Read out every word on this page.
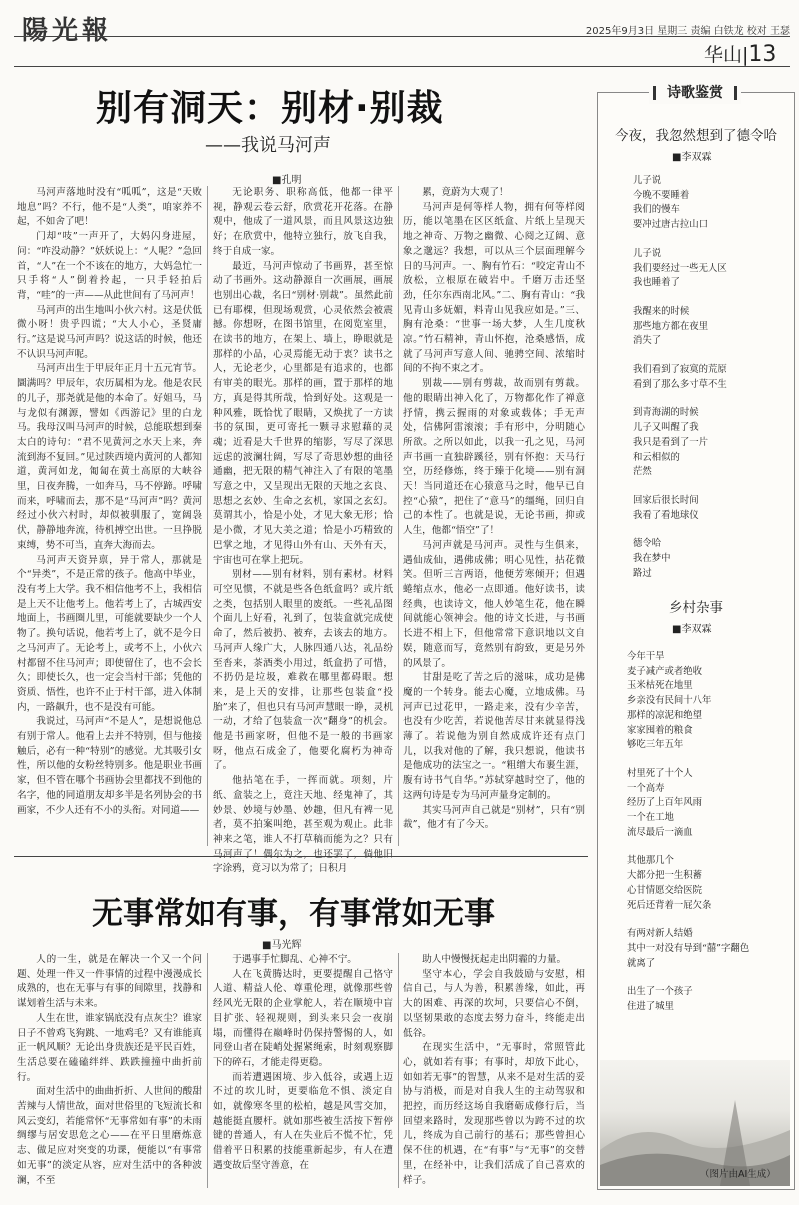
陽光報	2025年9月3日 星期三 责编 白铁龙 校对 王瑟
华山|13
别有洞天：别材·别裁
——我说马河声
■孔明

马河声落地时没有“呱呱”，这是“天败地息”吗？不行，他不是“人类”，咱家养不起，不如舍了吧！

门却“吱”一声开了，大妈闪身进屋，问：“咋没动静？”妖妖说上：“人呢？”急回首，“人”在一个不该在的地方，大妈急忙一只手将“人”倒着拎起，一只手轻拍后背，“哇”的一声——从此世间有了马河声！

马河声的出生地叫小伙六村。这是伏低微小呀！贵乎四谎；“大人小心，圣贤庸行。”这是说马河声吗？说这话的时候，他还不认识马河声呢。

马河声出生于甲辰年正月十五元宵节。圜满吗？甲辰年，农历属相为龙。他是农民的儿子，那尧就是他的本命了。好姐马，马与龙似有渊源，譬如《西游记》里的白龙马。我母汉叫马河声的时候，总能联想到秦太白的诗句：“君不见黄河之水天上来，奔流到海不复回。”见过陕西境内黄河的人都知道，黄河如龙，匍匐在黄土高原的大峡谷里，日夜奔腾，一如奔马，马不停蹄。呼啸而来，呼啸而去，那不是“马河声”吗？黄河经过小伙六村时，却似被驯服了，宽阔袅伏，静静地奔流，待机搏空出世。一旦挣脱束缚，势不可当，直奔大海而去。

马河声天资异禀，异于常人，那就是个“异类”，不是正常的孩子。他高中毕业，没有考上大学。我不相信他考不上，我相信是上天不让他考上。他若考上了，古城西安地面上，书画圈儿里，可能就要缺少一个人物了。换句话说，他若考上了，就不是今日之马河声了。无论考上，或考不上，小伙六村都留不住马河声；即使留住了，也不会长久；即使长久，也一定会当村干部；凭他的资质、悟性，也许不止于村干部，进入体制内，一路飙升，也不是没有可能。

我说过，马河声“不是人”，是想说他总有别于常人。他看上去并不特别，但与他接触后，必有一种“特别”的感觉。尤其吸引女性，所以他的女粉丝特别多。他是职业书画家，但不管在哪个书画协会里都找不到他的名字，他的同道朋友却多半是名列协会的书画家，不少人还有不小的头衔。对同道——

无论职务、职称高低，他都一律平视，静观云卷云舒，欣赏花开花落。在静观中，他成了一道风景，而且风景这边独好；在欣赏中，他特立独行，放飞自我，终于自成一家。

最近，马河声惊动了书画界，甚至惊动了书画外。这动静源自一次画展，画展也别出心裁，名曰“别材·别裁”。虽然此前已有耶棵，但现场观赏，心灵依然会被震撼。你想呀，在图书馆里，在阅览室里，在读书的地方，在架上、墙上，睁眼就是那样的小品，心灵焉能无动于衷？读书之人，无论老少，心里都是有追求的，也都有审美的眼光。那样的画，置于那样的地方，真是得其所哉，恰到好处。这观是一种风雅，既恰忧了眼睛，又焕扰了一方读书的氛围，更可寄托一颗寻求慰藉的灵魂；近看是大千世界的缩影，写尽了深思远虑的波澜壮阔，写尽了奇思妙想的曲径通幽，把无限的精气神注入了有限的笔墨写意之中，又呈现出无限的天地之玄良、思想之玄妙、生命之玄机，家国之玄幻。莫谓其小，恰是小处，才见大象无形；恰是小微，才见大美之道；恰是小巧精致的巴掌之地，才见得山外有山、天外有天，宇宙也可在掌上把玩。

别材——别有材料，别有素材。材料可空见惯，不就是些各色纸盒吗？或片纸之类，包括别人眼里的废纸。一些礼品图个面儿上好看，礼到了，包装盒就完成使命了，然后被扔、被弃，去该去的地方。马河声人缘广大，人脉四通八达，礼品纷至沓来，茶酒类小用过，纸盒扔了可惜，不扔仍是垃圾，难救在哪里都碍眼。想来，是上天的安排，让那些包装盒“投胎”来了，但也只有马河声慧眼一睁，灵机一动，才给了包装盒一次“翻身”的机会。他是书画家呀，但他不是一般的书画家呀，他点石成金了，他要化腐朽为神奇了。

他拈笔在手，一挥而就。项刻，片纸、盒装之上，竟注天地、经鬼神了，其妙景、妙境与妙墨、妙趣，但凡有裨一见者，莫不拍案叫绝，甚至观为观止。此非神来之笔，谁人不打草稿而能为之？只有马河声了！偶尔为之，也还罢了，倘他旧字涂鸦，竟习以为常了；日积月

累，竟蔚为大观了！

马河声是何等样人物，拥有何等样阅历，能以笔墨在区区纸盒、片纸上呈现天地之神奇、万物之幽微、心阅之辽阔、意象之邈远？我想，可以从三个层面理解今日的马河声。一、胸有竹石：“咬定青山不放松，立根原在破岩中。千磨万击还坚劲，任尔东西南北风。”二、胸有青山：“我见青山多妩媚，料青山见我应如是。”三、胸有沧桑：“世事一场大梦，人生几度秋凉。”竹石精神，青山怀抱，沧桑感悟，成就了马河声写意人间、驰骋空间、浓缩时间的不拘不束之才。

别裁——别有剪裁，故而别有剪裁。他的眼睛出神入化了，万物都化作了禅意抒情，携云握雨的对象或载体；手无声处，信佛阿雷滚滚；手有形中，分明随心所欲。之所以如此，以我一孔之见，马河声书画一直独辟蹊径，别有怀抱：天马行空，历经修炼，终于臻于化境——别有洞天！当同道还在心猿意马之时，他早已自控“心猿”，把住了“意马”的缰绳，回归自己的本性了。也就是说，无论书画，抑或人生，他都“悟空”了！

马河声就是马河声。灵性与生俱来，遇仙成仙，遇佛成佛；明心见性，拈花微笑。但听三言两语，他便芳寒倾开；但遇蜷缩点水，他必一点即通。他好读书，读经典，也读诗文，他人妙笔生花，他在瞬间就能心领神会。他的诗文长进，与书画长进不相上下，但他常常下意识地以文自娱，随意而写，竟然别有韵致，更是另外的风景了。

甘甜是吃了苦之后的滋味，成功是佛魔的一个转身。能去心魔，立地成佛。马河声已过花甲，一路走来，没有少辛苦，也没有少吃苦，若说他苦尽甘来就显得浅薄了。若说他为别自然成成许还有点门儿，以我对他的了解，我只想说，他读书是他成功的法宝之一。“粗缯大布裹生涯，腹有诗书气自华。”苏轼穿越时空了，他的这两句诗是专为马河声量身定制的。

其实马河声自己就是“别材”，只有“别裁”，他才有了今天。

无事常如有事，有事常如无事
■马光辉

人的一生，就是在解决一个又一个问题、处理一件又一件事情的过程中漫漫成长成熟的，也在无事与有事的间隙里，找静和谋划着生活与未来。

人生在世，谁家锅底没有点灰尘？谁家日子不曾鸡飞狗跳、一地鸡毛？又有谁能真正一帆风顺？无论出身贵族还是平民百姓，生活总要在磕磕绊绊、跌跌撞撞中曲折前行。

面对生活中的曲曲折折、人世间的酸甜苦辣与人情世故，面对世俗里的飞短流长和风云变幻，若能常怀“无事常如有事”的未雨绸缪与居安思危之心——在平日里磨炼意志、做足应对突变的功课，便能以“有事常如无事”的淡定从容，应对生活中的各种波澜，不至

于遇事手忙脚乱、心神不宁。

人在飞黄腾达时，更要提醒自己恪守人道、精益人伦、尊重伦理，就像那些曾经风光无限的企业掌舵人，若在顺境中盲目扩张、轻视规则，到头来只会一夜崩塌，而懂得在巅峰时仍保持警惕的人，如同登山者在陡峭处握紧绳索，时刻观察脚下的碎石，才能走得更稳。

而若遭遇困境、步入低谷，或遇上迈不过的坎儿时，更要临危不惧、淡定自如，就像寒冬里的松柏，越是风雪交加，越能挺直腰杆。就如那些被生活按下暂停键的普通人，有人在失业后不慌不忙，凭借着平日积累的技能重新起步，有人在遭遇变故后坚守善意，在

助人中慢慢抚起走出阴霾的力量。

坚守本心，学会自我鼓励与安慰，相信自己，与人为善，积累善缘，如此，再大的困难、再深的坎坷，只要信心不倒，以坚韧果敢的态度去努力奋斗，终能走出低谷。

在现实生活中，“无事时，常照管此心，就如若有事；有事时，却放下此心，如如若无事”的智慧，从来不是对生活的妥协与消极，而是对自我人生的主动驾驭和把控，而历经这场自我磨砺成修行后，当回望来路时，发现那些曾以为跨不过的坎儿，终成为自己前行的基石；那些曾担心保不住的机遇，在“有事”与“无事”的交替里，在经补中，让我们活成了自己喜欢的样子。

诗歌鉴赏
今夜，我忽然想到了德令哈
■李双霖
儿子说
今晚不要睡着
我们的慢车
要冲过唐古拉山口
儿子说
我们要经过一些无人区
我也睡着了
我醒来的时候
那些地方都在夜里
消失了
我们看到了寂寞的荒原
看到了那么多寸草不生
到青海湖的时候
儿子又叫醒了我
我只是看到了一片
和云相似的
茫然
回家后很长时间
我看了看地球仪
德令哈
我在梦中
路过
乡村杂事
■李双霖
今年干旱
麦子减产或者绝收
玉米枯死在地里
乡亲没有民间十八年
那样的凉泥和绝望
家家囤着的粮食
够吃三年五年
村里死了十个人
一个高寿
经历了上百年风雨
一个在工地
流尽最后一滴血
其他那几个
大都分把一生积蓄
心甘情愿交给医院
死后还背着一屁欠条
有两对新人结婚
其中一对没有导到“囍”字翻色
就离了
出生了一个孩子
住进了城里
（图片由AI生成）
